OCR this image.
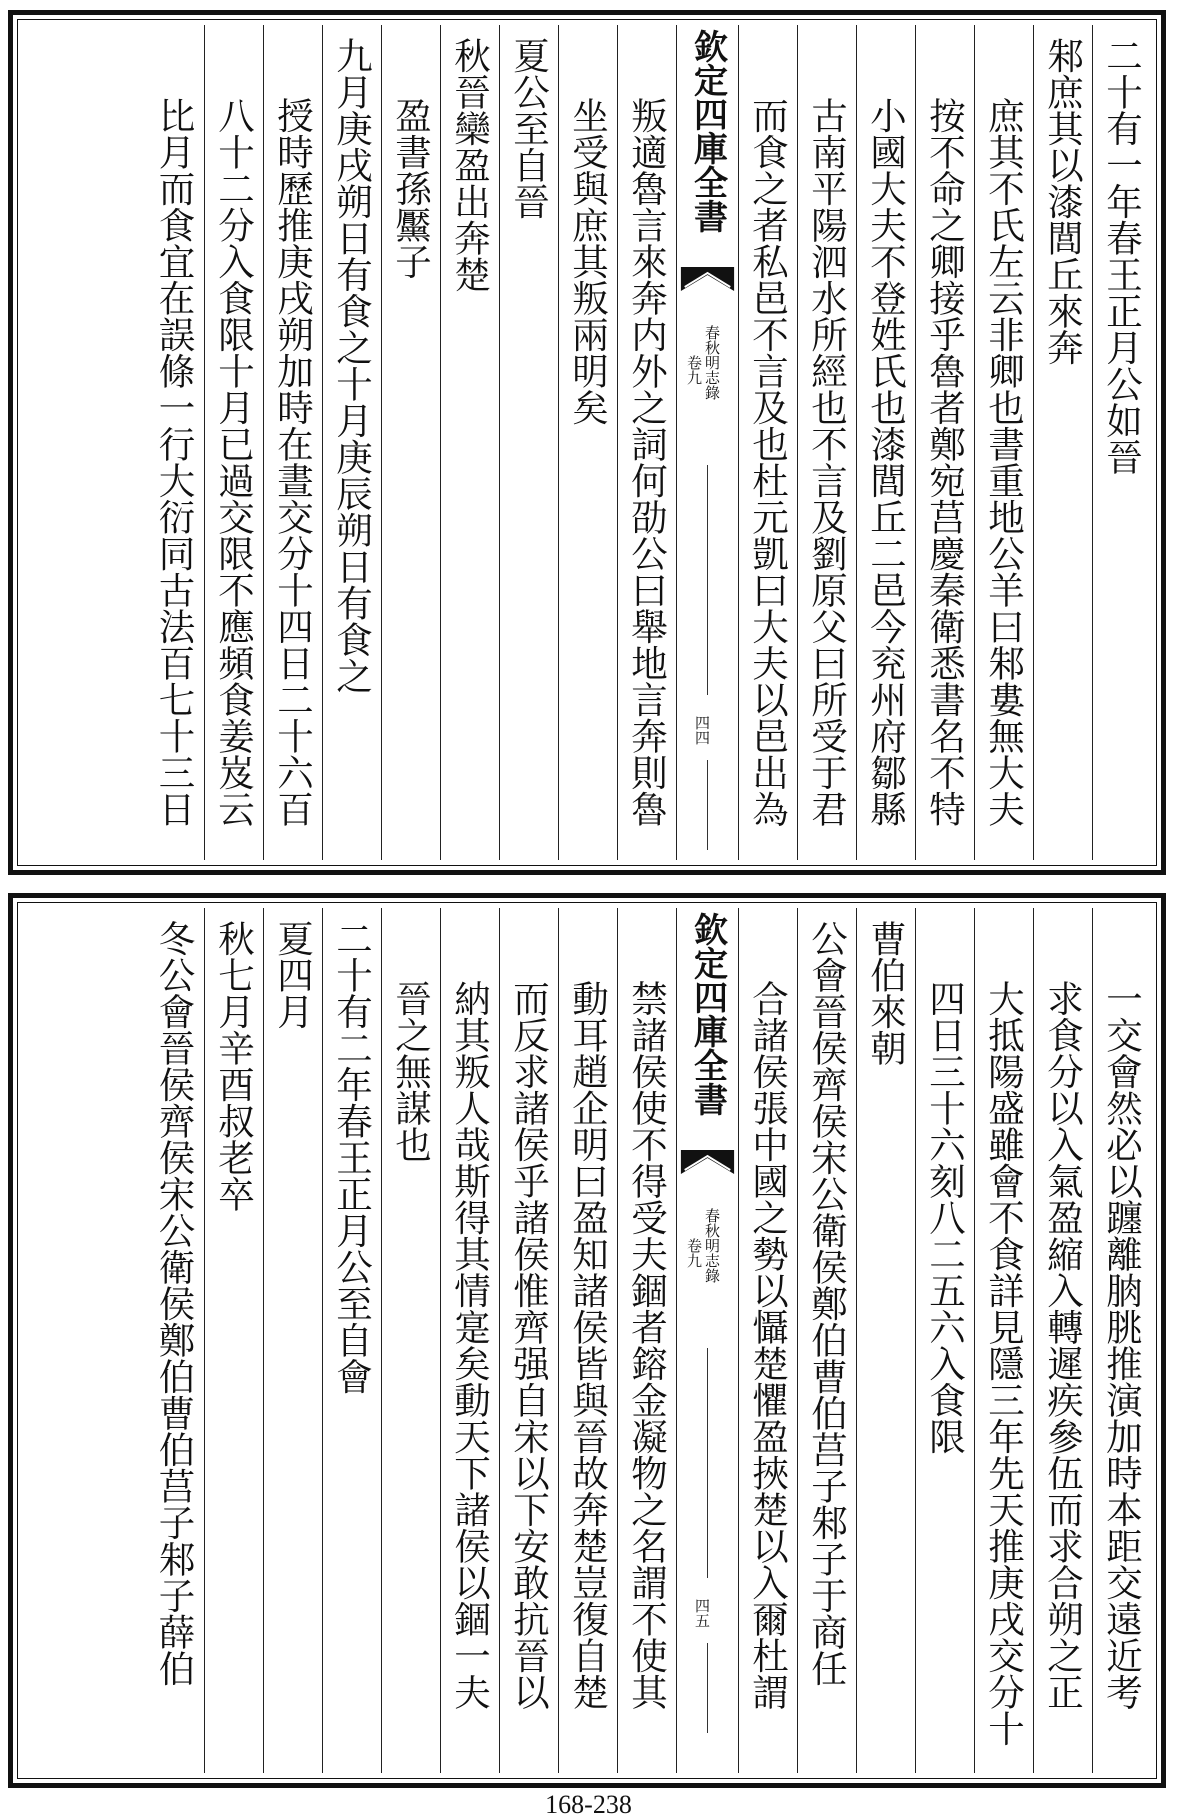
二十有一年春王正月公如晉
邾庶其以漆閭丘來奔
庶其不氏左云非卿也書重地公羊曰邾婁無大夫
按不命之卿接乎魯者鄭宛莒慶秦衛悉書名不特
小國大夫不登姓氏也漆閭丘二邑今兖州府鄒縣
古南平陽泗水所經也不言及劉原父曰所受于君
而食之者私邑不言及也杜元凱曰大夫以邑出為
欽定四庫全書
春秋明志錄
卷九
四四
叛適魯言來奔内外之詞何劭公曰舉地言奔則魯
坐受與庶其叛兩明矣
夏公至自晉
秋晉欒盈出奔楚
盈書孫黶子
九月庚戌朔日有食之十月庚辰朔日有食之
授時歷推庚戌朔加時在晝交分十四日二十六百
八十二分入食限十月已過交限不應頻食姜岌云
比月而食宜在誤條一行大衍同古法百七十三日
一交會然必以躔離朒朓推演加時本距交遠近考
求食分以入氣盈縮入轉遲疾參伍而求合朔之正
大抵陽盛雖會不食詳見隱三年先天推庚戌交分十
四日三十六刻八二五六入食限
曹伯來朝
公會晉侯齊侯宋公衛侯鄭伯曹伯莒子邾子于商任
合諸侯張中國之勢以懾楚懼盈挾楚以入爾杜謂
欽定四庫全書
春秋明志錄
卷九
四五
禁諸侯使不得受夫錮者鎔金凝物之名謂不使其
動耳趙企明曰盈知諸侯皆與晉故奔楚豈復自楚
而反求諸侯乎諸侯惟齊强自宋以下安敢抗晉以
納其叛人哉斯得其情寔矣動天下諸侯以錮一夫
晉之無謀也
二十有二年春王正月公至自會
夏四月
秋七月辛酉叔老卒
冬公會晉侯齊侯宋公衛侯鄭伯曹伯莒子邾子薛伯
168-238
